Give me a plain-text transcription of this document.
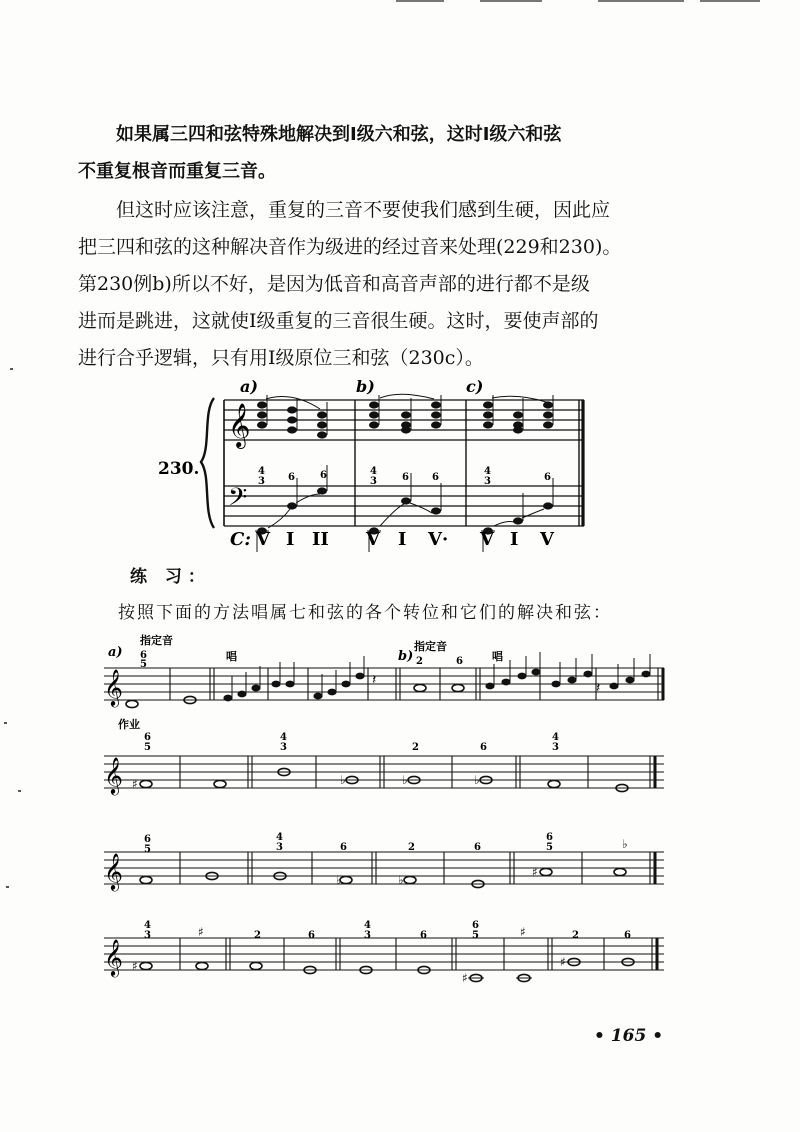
如果属三四和弦特殊地解决到Ⅰ级六和弦，这时Ⅰ级六和弦
不重复根音而重复三音。

但这时应该注意，重复的三音不要使我们感到生硬，因此应
把三四和弦的这种解决音作为级进的经过音来处理(229和230)。
第230例b)所以不好，是因为低音和高音声部的进行都不是级
进而是跳进，这就使Ⅰ级重复的三音很生硬。这时，要使声部的
进行合乎逻辑，只有用Ⅰ级原位三和弦（230c）。

𝄞
𝄢
230.
a)	b)	c)
4
3 6	6	4
3	6 6
4
3	6
C: V I II V I V· V I V
练 习：
按照下面的方法唱属七和弦的各个转位和它们的解决和弦：
𝄞
𝄞
𝄞
𝄞
𝄽	𝄽
a)	b)
指定音	指定音
唱	唱
6
5	2	6
作业
♯	♭	♭	♭
6
5
4
3	2	6
4
3
♭	♭
♯
♭
6
5
4
3	6	2	6
6
5
♯
♯
♯
♯
♯
4
3	2	6
4
3	6
6
5	2	6
• 165 •
